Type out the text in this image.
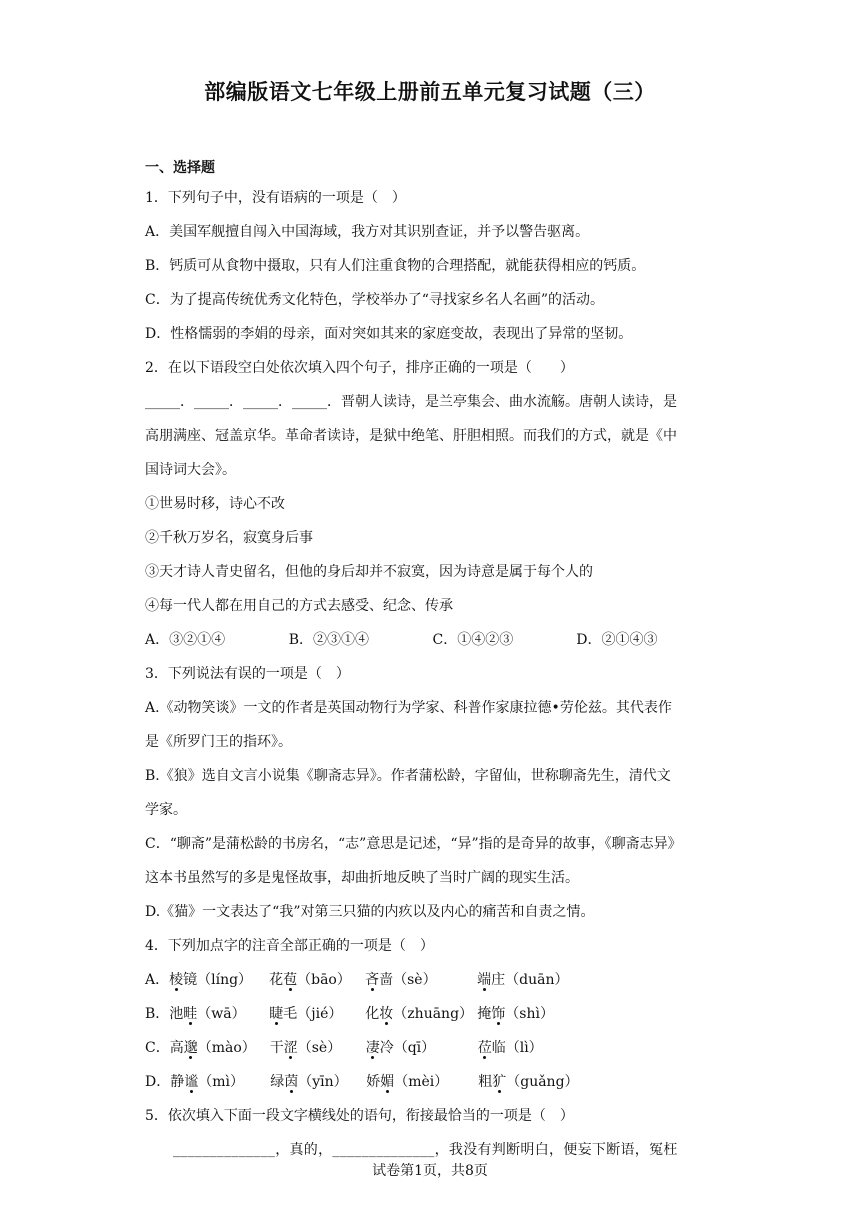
部编版语文七年级上册前五单元复习试题（三）
一、选择题
1．下列句子中，没有语病的一项是（　）
A．美国军舰擅自闯入中国海域，我方对其识别查证，并予以警告驱离。
B．钙质可从食物中摄取，只有人们注重食物的合理搭配，就能获得相应的钙质。
C．为了提高传统优秀文化特色，学校举办了“寻找家乡名人名画”的活动。
D．性格懦弱的李娟的母亲，面对突如其来的家庭变故，表现出了异常的坚韧。
2．在以下语段空白处依次填入四个句子，排序正确的一项是（　　）
_____．_____．_____．_____．晋朝人读诗，是兰亭集会、曲水流觞。唐朝人读诗，是
高朋满座、冠盖京华。革命者读诗，是狱中绝笔、肝胆相照。而我们的方式，就是《中
国诗词大会》。
①世易时移，诗心不改
②千秋万岁名，寂寞身后事
③天才诗人青史留名，但他的身后却并不寂寞，因为诗意是属于每个人的
④每一代人都在用自己的方式去感受、纪念、传承
A．③②①④	B．②③①④	C．①④②③	D．②①④③
3．下列说法有误的一项是（　）
A.《动物笑谈》一文的作者是英国动物行为学家、科普作家康拉德•劳伦兹。其代表作
是《所罗门王的指环》。
B.《狼》选自文言小说集《聊斋志异》。作者蒲松龄，字留仙，世称聊斋先生，清代文
学家。
C．“聊斋”是蒲松龄的书房名，“志”意思是记述，“异”指的是奇异的故事，《聊斋志异》
这本书虽然写的多是鬼怪故事，却曲折地反映了当时广阔的现实生活。
D.《猫》一文表达了“我”对第三只猫的内疚以及内心的痛苦和自责之情。
4．下列加点字的注音全部正确的一项是（　）
A．棱镜（líng） 花苞（bāo） 吝啬（sè）	端庄（duān）
B．池畦（wā） 睫毛（jié） 化妆（zhuāng） 掩饰（shì）
C．高邈（mào） 干涩（sè） 凄冷（qī）	莅临（lì）
D．静谧（mì） 绿茵（yīn） 娇媚（mèi） 粗犷（guǎng）
5．依次填入下面一段文字横线处的语句，衔接最恰当的一项是（　）
______________，真的，______________，我没有判断明白，便妄下断语，冤枉
试卷第1页，共8页
